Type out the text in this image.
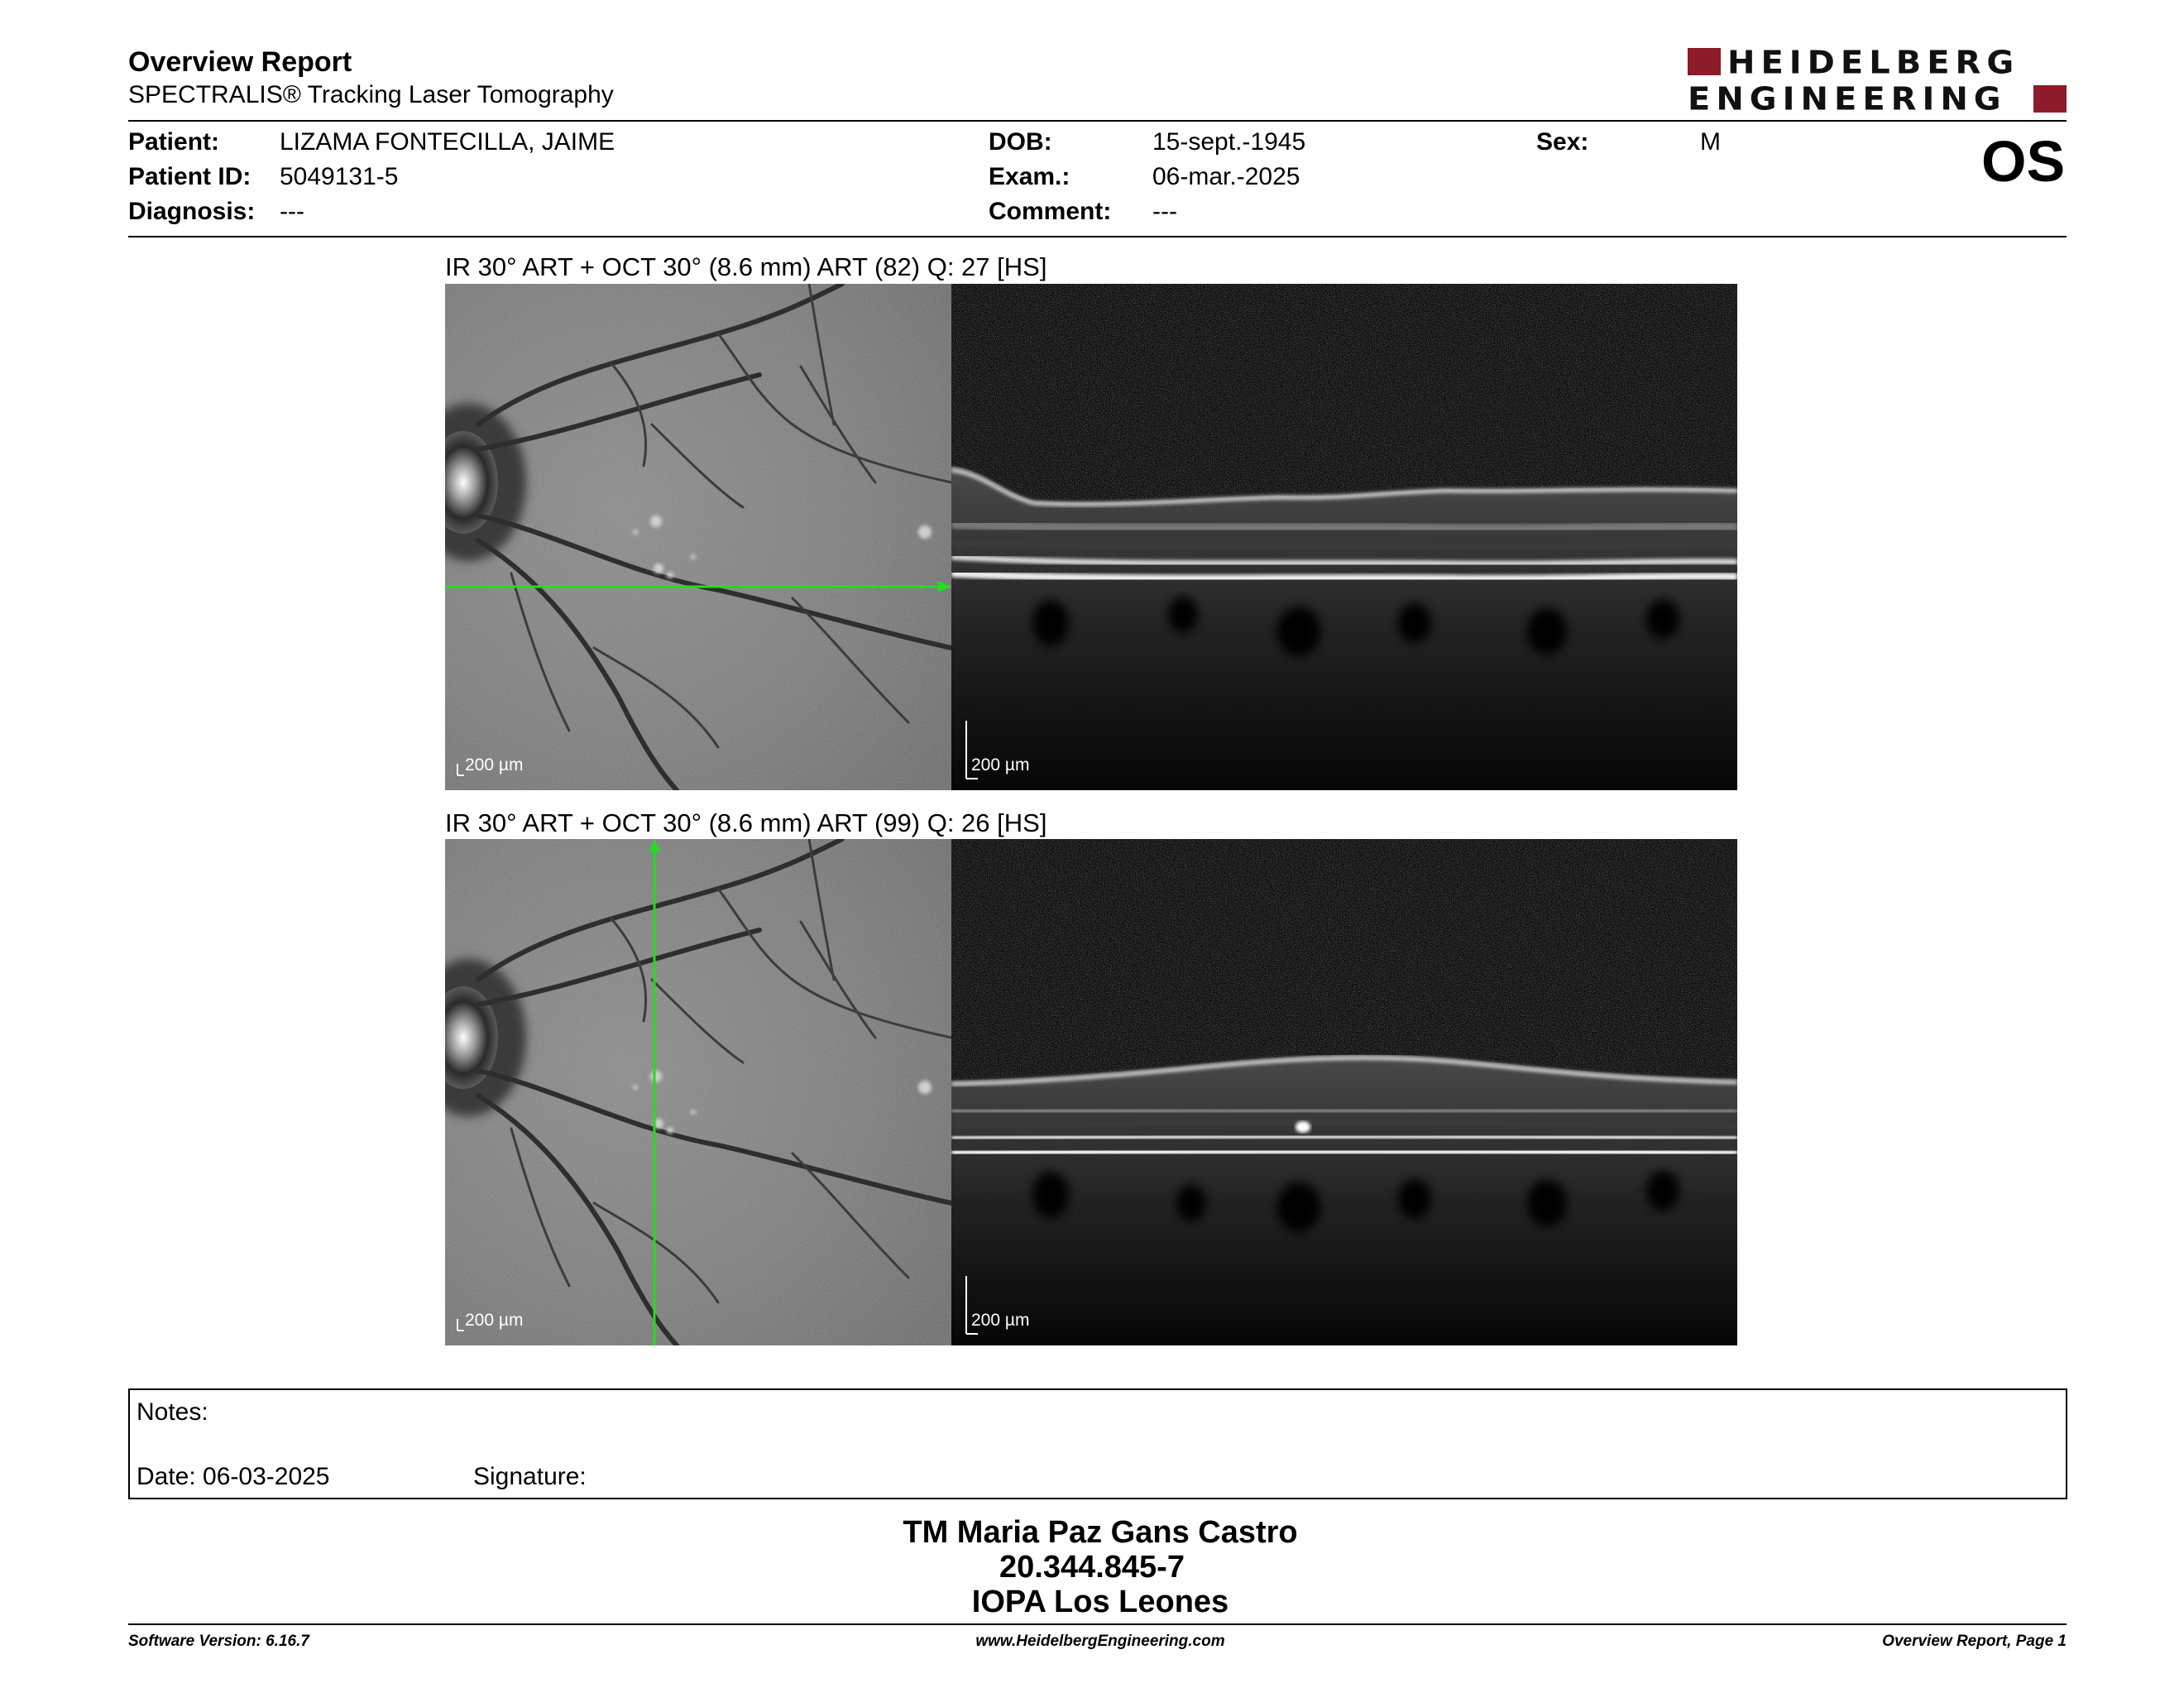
Overview Report
SPECTRALIS® Tracking Laser Tomography
HEIDELBERG
ENGINEERING
Patient: LIZAMA FONTECILLA, JAIME
Patient ID: 5049131-5
Diagnosis: ---
DOB:	15-sept.-1945
Exam.:	06-mar.-2025
Comment: ---
Sex:	M	OS
IR 30° ART + OCT 30° (8.6 mm) ART (82) Q: 27 [HS]
200 µm	200 µm
IR 30° ART + OCT 30° (8.6 mm) ART (99) Q: 26 [HS]
200 µm	200 µm
Notes:
Date: 06-03-2025	Signature:
TM Maria Paz Gans Castro
20.344.845-7
IOPA Los Leones
Software Version: 6.16.7	www.HeidelbergEngineering.com	Overview Report, Page 1
